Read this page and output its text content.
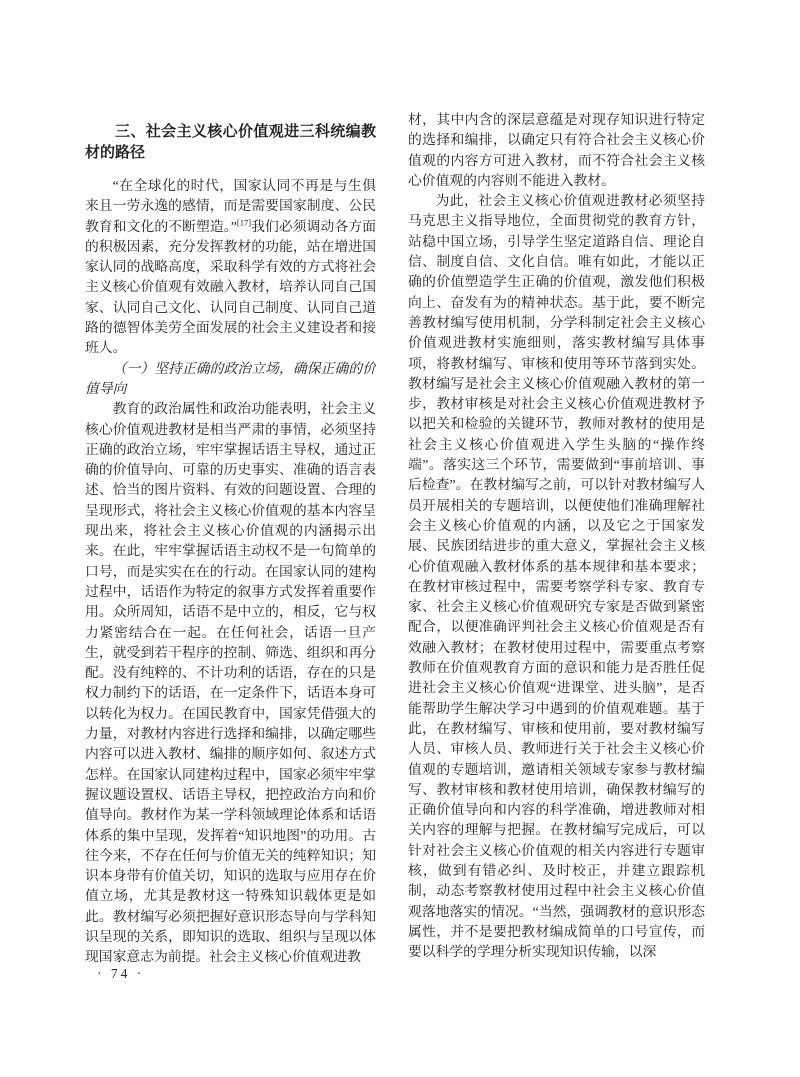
三、社会主义核心价值观进三科统编教材的路径

“在全球化的时代，国家认同不再是与生俱来且一劳永逸的感情，而是需要国家制度、公民教育和文化的不断塑造。”[17]我们必须调动各方面的积极因素，充分发挥教材的功能，站在增进国家认同的战略高度，采取科学有效的方式将社会主义核心价值观有效融入教材，培养认同自己国家、认同自己文化、认同自己制度、认同自己道路的德智体美劳全面发展的社会主义建设者和接班人。

（一）坚持正确的政治立场，确保正确的价值导向

教育的政治属性和政治功能表明，社会主义核心价值观进教材是相当严肃的事情，必须坚持正确的政治立场，牢牢掌握话语主导权，通过正确的价值导向、可靠的历史事实、准确的语言表述、恰当的图片资料、有效的问题设置、合理的呈现形式，将社会主义核心价值观的基本内容呈现出来，将社会主义核心价值观的内涵揭示出来。在此，牢牢掌握话语主动权不是一句简单的口号，而是实实在在的行动。在国家认同的建构过程中，话语作为特定的叙事方式发挥着重要作用。众所周知，话语不是中立的，相反，它与权力紧密结合在一起。在任何社会，话语一旦产生，就受到若干程序的控制、筛选、组织和再分配。没有纯粹的、不计功利的话语，存在的只是权力制约下的话语，在一定条件下，话语本身可以转化为权力。在国民教育中，国家凭借强大的力量，对教材内容进行选择和编排，以确定哪些内容可以进入教材、编排的顺序如何、叙述方式怎样。在国家认同建构过程中，国家必须牢牢掌握议题设置权、话语主导权，把控政治方向和价值导向。教材作为某一学科领域理论体系和话语体系的集中呈现，发挥着“知识地图”的功用。古往今来，不存在任何与价值无关的纯粹知识；知识本身带有价值关切，知识的选取与应用存在价值立场，尤其是教材这一特殊知识载体更是如此。教材编写必须把握好意识形态导向与学科知识呈现的关系，即知识的选取、组织与呈现以体现国家意志为前提。社会主义核心价值观进教

材，其中内含的深层意蕴是对现存知识进行特定的选择和编排，以确定只有符合社会主义核心价值观的内容方可进入教材，而不符合社会主义核心价值观的内容则不能进入教材。

为此，社会主义核心价值观进教材必须坚持马克思主义指导地位，全面贯彻党的教育方针，站稳中国立场，引导学生坚定道路自信、理论自信、制度自信、文化自信。唯有如此，才能以正确的价值塑造学生正确的价值观，激发他们积极向上、奋发有为的精神状态。基于此，要不断完善教材编写使用机制，分学科制定社会主义核心价值观进教材实施细则，落实教材编写具体事项，将教材编写、审核和使用等环节落到实处。教材编写是社会主义核心价值观融入教材的第一步，教材审核是对社会主义核心价值观进教材予以把关和检验的关键环节，教师对教材的使用是社会主义核心价值观进入学生头脑的“操作终端”。落实这三个环节，需要做到“事前培训、事后检查”。在教材编写之前，可以针对教材编写人员开展相关的专题培训，以便使他们准确理解社会主义核心价值观的内涵，以及它之于国家发展、民族团结进步的重大意义，掌握社会主义核心价值观融入教材体系的基本规律和基本要求；在教材审核过程中，需要考察学科专家、教育专家、社会主义核心价值观研究专家是否做到紧密配合，以便准确评判社会主义核心价值观是否有效融入教材；在教材使用过程中，需要重点考察教师在价值观教育方面的意识和能力是否胜任促进社会主义核心价值观“进课堂、进头脑”，是否能帮助学生解决学习中遇到的价值观难题。基于此，在教材编写、审核和使用前，要对教材编写人员、审核人员、教师进行关于社会主义核心价值观的专题培训，邀请相关领域专家参与教材编写、教材审核和教材使用培训，确保教材编写的正确价值导向和内容的科学准确，增进教师对相关内容的理解与把握。在教材编写完成后，可以针对社会主义核心价值观的相关内容进行专题审核，做到有错必纠、及时校正，并建立跟踪机制，动态考察教材使用过程中社会主义核心价值观落地落实的情况。“当然，强调教材的意识形态属性，并不是要把教材编成简单的口号宣传，而要以科学的学理分析实现知识传输，以深

· 74 ·
